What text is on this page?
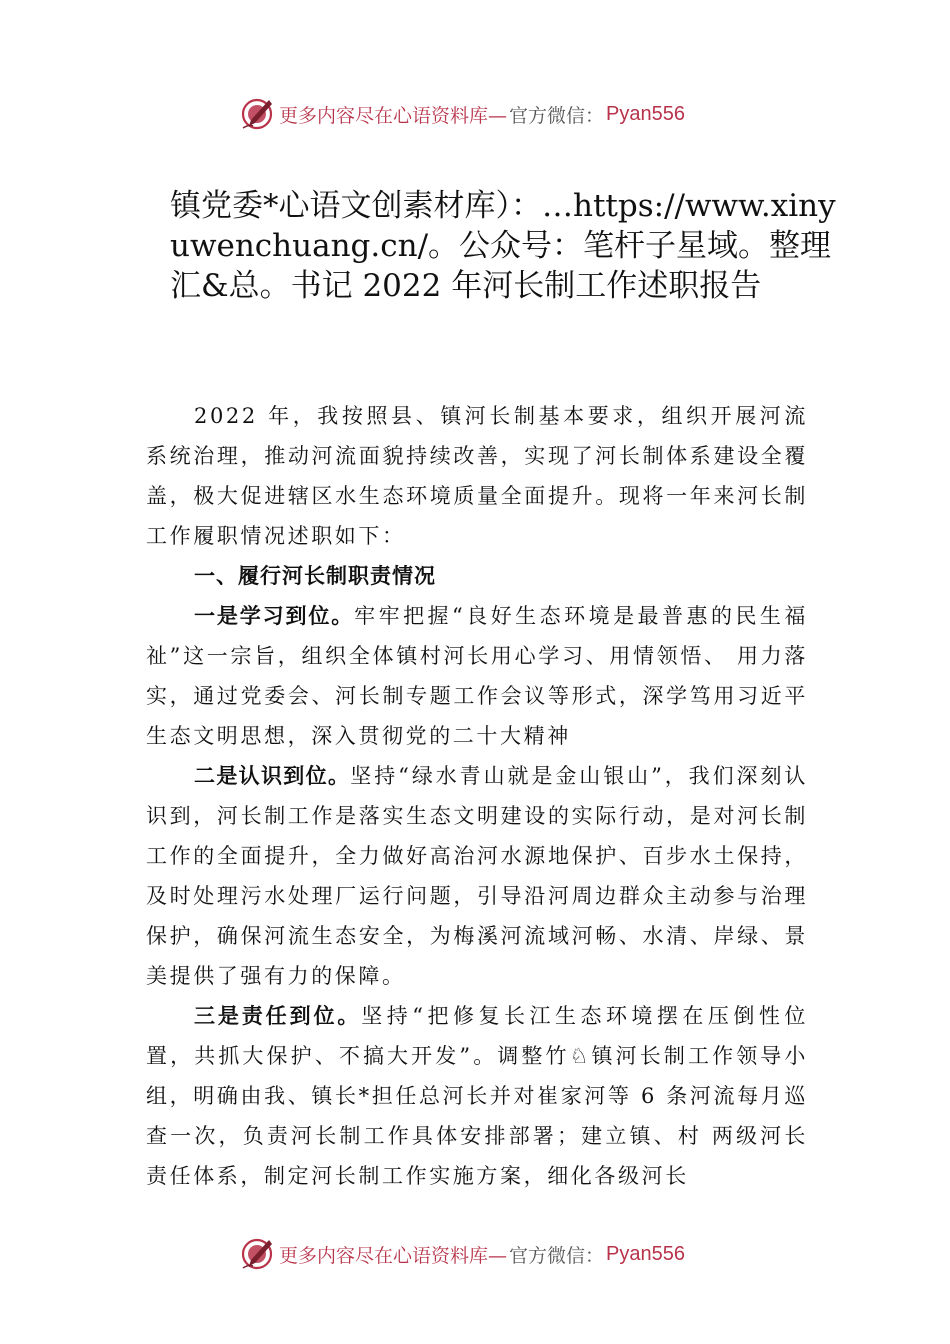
更多内容尽在心语资料库— 官方微信： Pyan556
镇党委*心语文创素材库）：…https://www.xinyuwenchuang.cn/。公众号：笔杆子星域。整理汇&总。书记 2022 年河长制工作述职报告

2022 年，我按照县、镇河长制基本要求，组织开展河流系统治理，推动河流面貌持续改善，实现了河长制体系建设全覆盖，极大促进辖区水生态环境质量全面提升。现将一年来河长制工作履职情况述职如下：

一、履行河长制职责情况

一是学习到位。牢牢把握“良好生态环境是最普惠的民生福祉”这一宗旨，组织全体镇村河长用心学习、用情领悟、 用力落实，通过党委会、河长制专题工作会议等形式，深学笃用习近平生态文明思想，深入贯彻党的二十大精神

二是认识到位。坚持“绿水青山就是金山银山”，我们深刻认识到，河长制工作是落实生态文明建设的实际行动，是对河长制工作的全面提升，全力做好高治河水源地保护、百步水土保持，及时处理污水处理厂运行问题，引导沿河周边群众主动参与治理保护，确保河流生态安全，为梅溪河流域河畅、水清、岸绿、景美提供了强有力的保障。

三是责任到位。坚持“把修复长江生态环境摆在压倒性位置，共抓大保护、不搞大开发”。调整竹♘镇河长制工作领导小组，明确由我、镇长*担任总河长并对崔家河等 6 条河流每月巡查一次，负责河长制工作具体安排部署；建立镇、村 两级河长责任体系，制定河长制工作实施方案，细化各级河长

更多内容尽在心语资料库— 官方微信： Pyan556
